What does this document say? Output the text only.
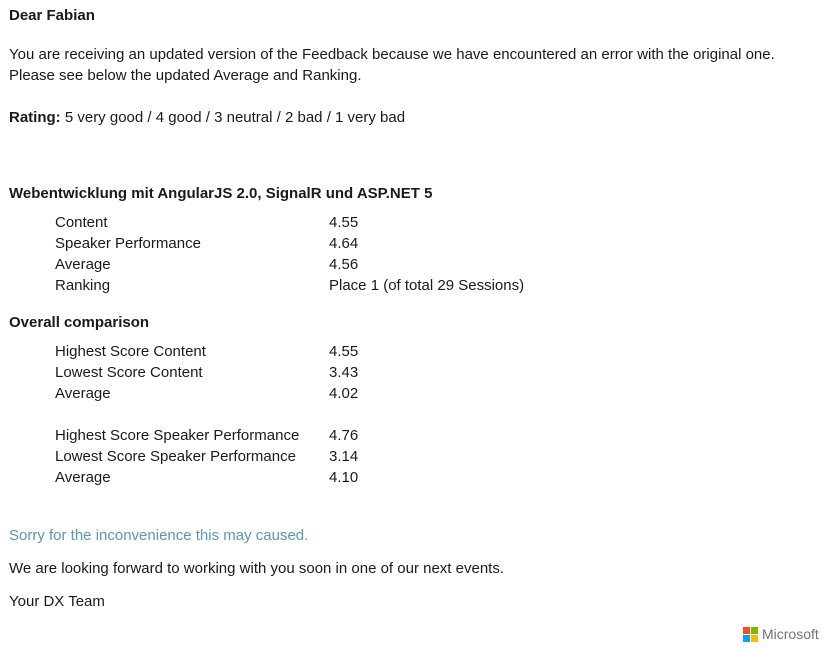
Dear Fabian
You are receiving an updated version of the Feedback because we have encountered an error with the original one.
Please see below the updated Average and Ranking.
Rating: 5 very good / 4 good / 3 neutral / 2 bad / 1 very bad
Webentwicklung mit AngularJS 2.0, SignalR und ASP.NET 5
Content	4.55
Speaker Performance	4.64
Average	4.56
Ranking	Place 1 (of total 29 Sessions)
Overall comparison
Highest Score Content	4.55
Lowest Score Content	3.43
Average	4.02
Highest Score Speaker Performance 4.76
Lowest Score Speaker Performance 3.14
Average	4.10
Sorry for the inconvenience this may caused.
We are looking forward to working with you soon in one of our next events.
Your DX Team
Microsoft
